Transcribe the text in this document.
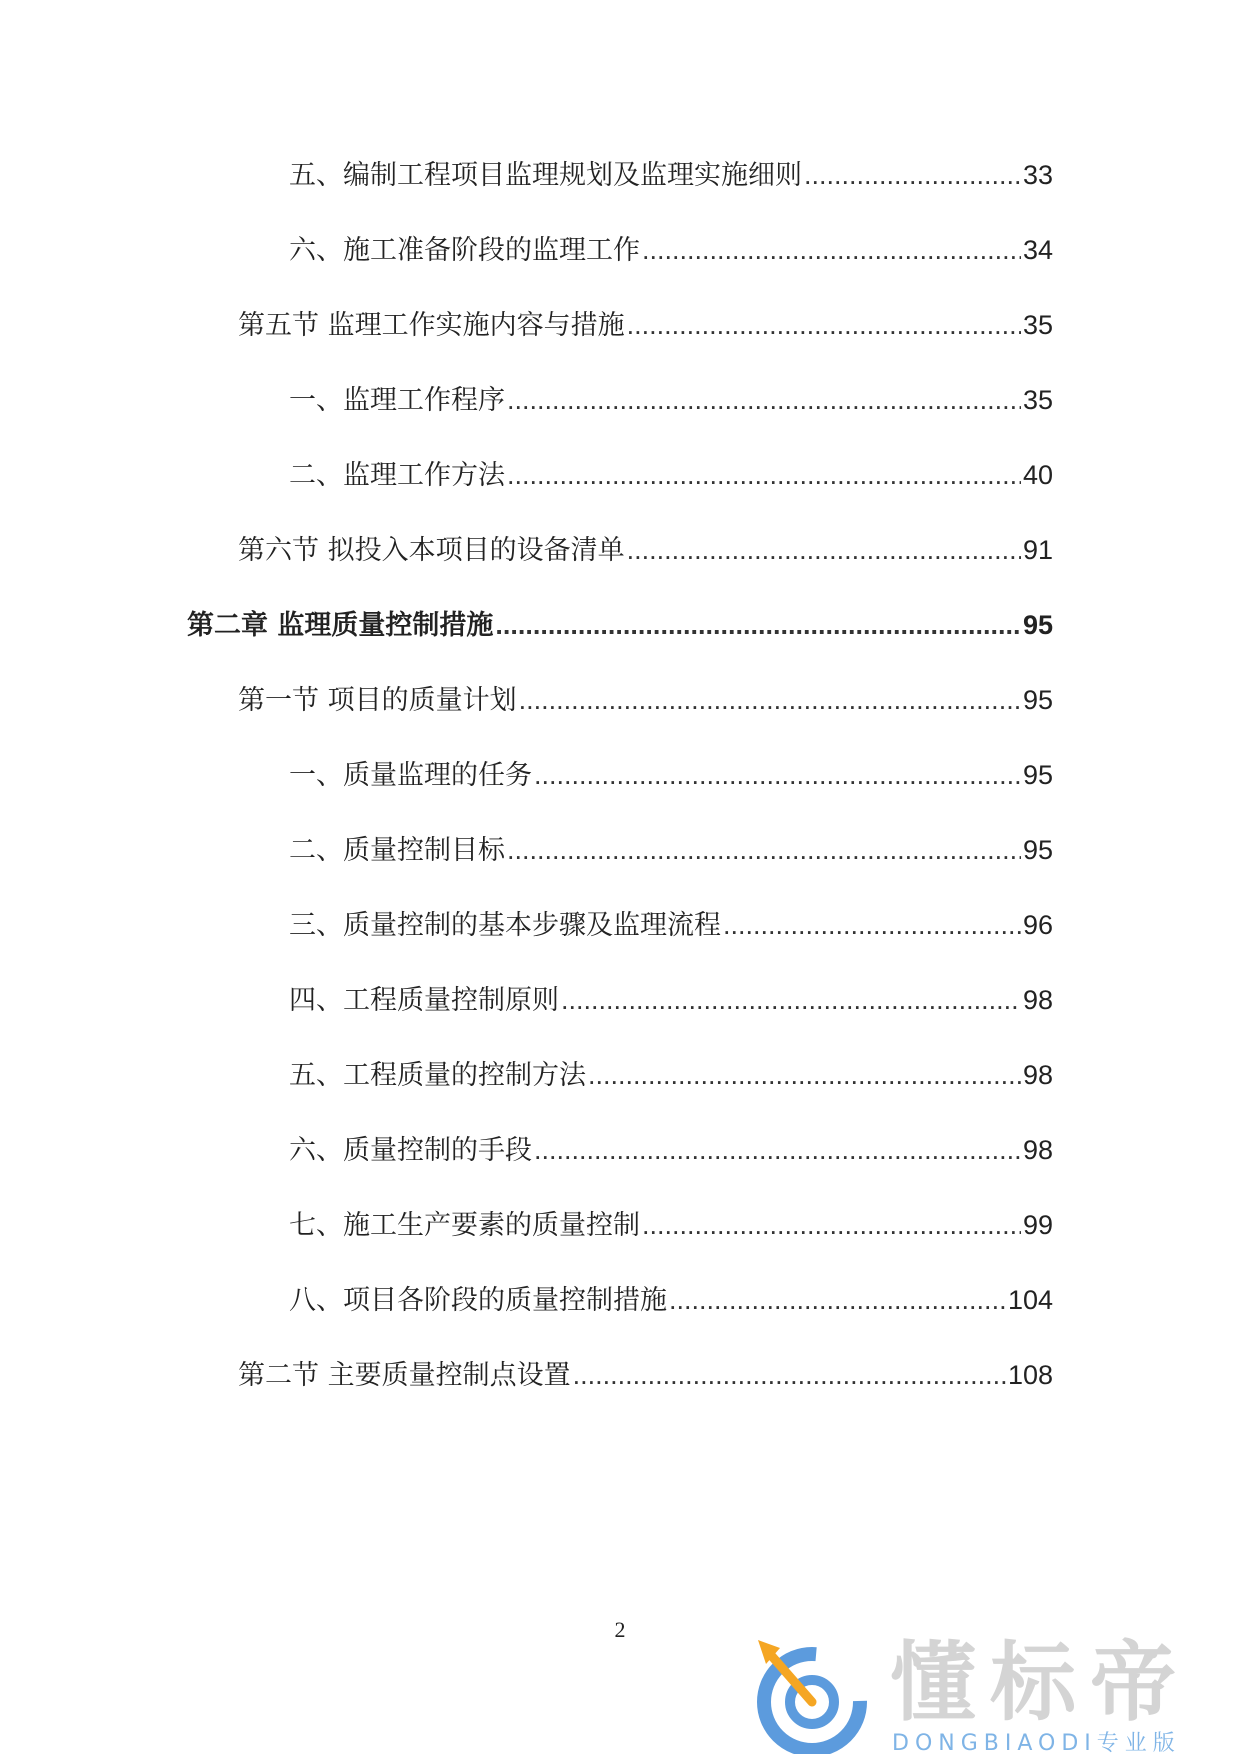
五、编制工程项目监理规划及监理实施细则 .....	33
六、施工准备阶段的监理工作 .....	34
第五节 监理工作实施内容与措施 .....	35
一、监理工作程序 .....	35
二、监理工作方法 .....	40
第六节 拟投入本项目的设备清单 .....	91
第二章 监理质量控制措施 .....	95
第一节 项目的质量计划 .....	95
一、质量监理的任务 .....	95
二、质量控制目标 .....	95
三、质量控制的基本步骤及监理流程 .....	96
四、工程质量控制原则 .....	98
五、工程质量的控制方法 .....	98
六、质量控制的手段 .....	98
七、施工生产要素的质量控制 .....	99
八、项目各阶段的质量控制措施 .....	104
第二节 主要质量控制点设置 .....	108
2
懂标帝
DONGBIAODI专业版
